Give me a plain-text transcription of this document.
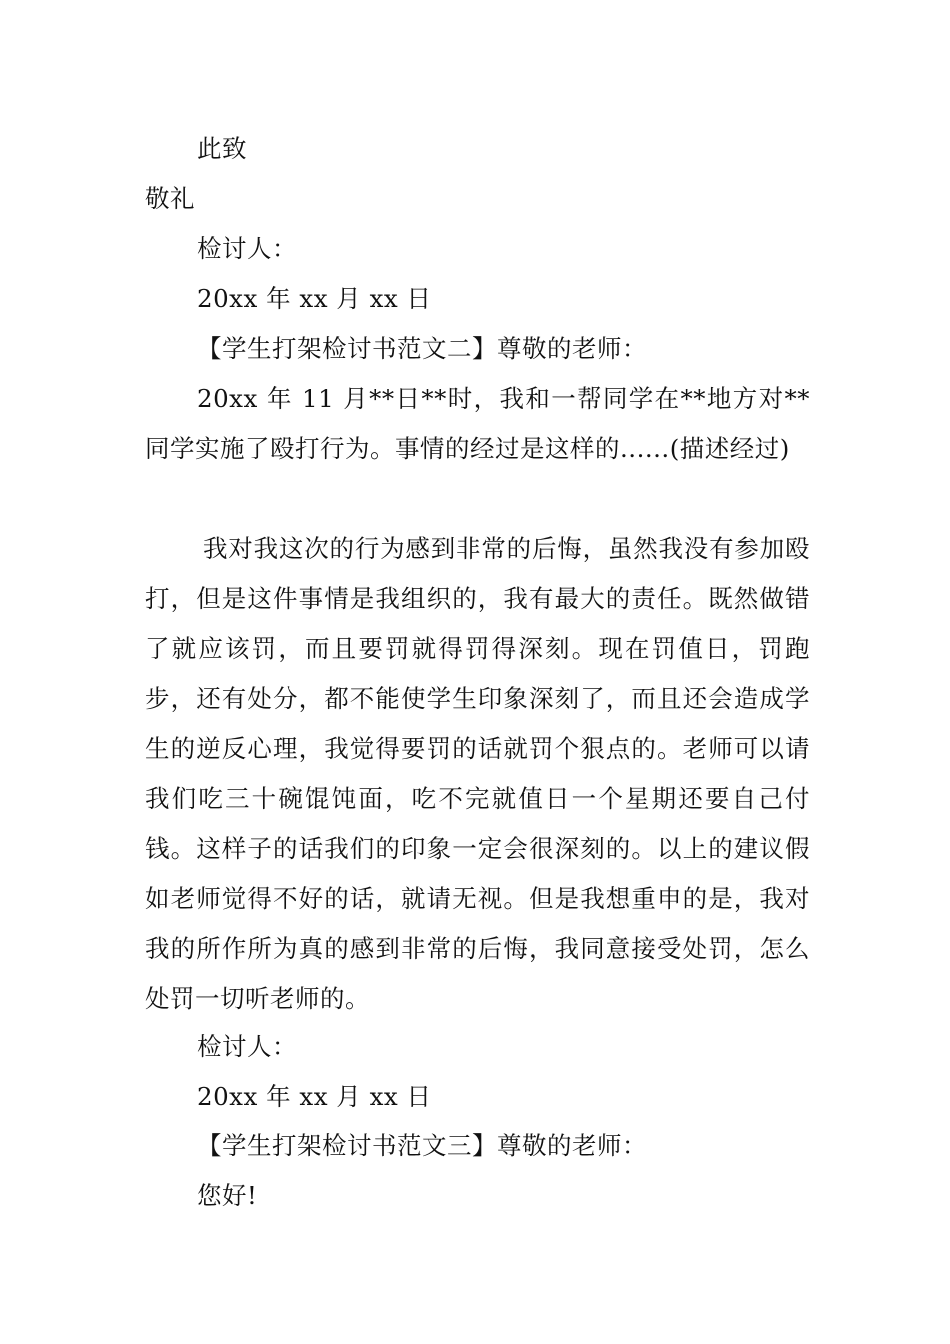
此致
敬礼
检讨人：
20xx 年 xx 月 xx 日
【学生打架检讨书范文二】尊敬的老师：
20xx 年 11 月**日**时，我和一帮同学在**地方对**同学实施了殴打行为。事情的经过是这样的......(描述经过)
我对我这次的行为感到非常的后悔，虽然我没有参加殴打，但是这件事情是我组织的，我有最大的责任。既然做错了就应该罚，而且要罚就得罚得深刻。现在罚值日，罚跑步，还有处分，都不能使学生印象深刻了，而且还会造成学生的逆反心理，我觉得要罚的话就罚个狠点的。老师可以请我们吃三十碗馄饨面，吃不完就值日一个星期还要自己付钱。这样子的话我们的印象一定会很深刻的。以上的建议假如老师觉得不好的话，就请无视。但是我想重申的是，我对我的所作所为真的感到非常的后悔，我同意接受处罚，怎么处罚一切听老师的。
检讨人：
20xx 年 xx 月 xx 日
【学生打架检讨书范文三】尊敬的老师：
您好!
